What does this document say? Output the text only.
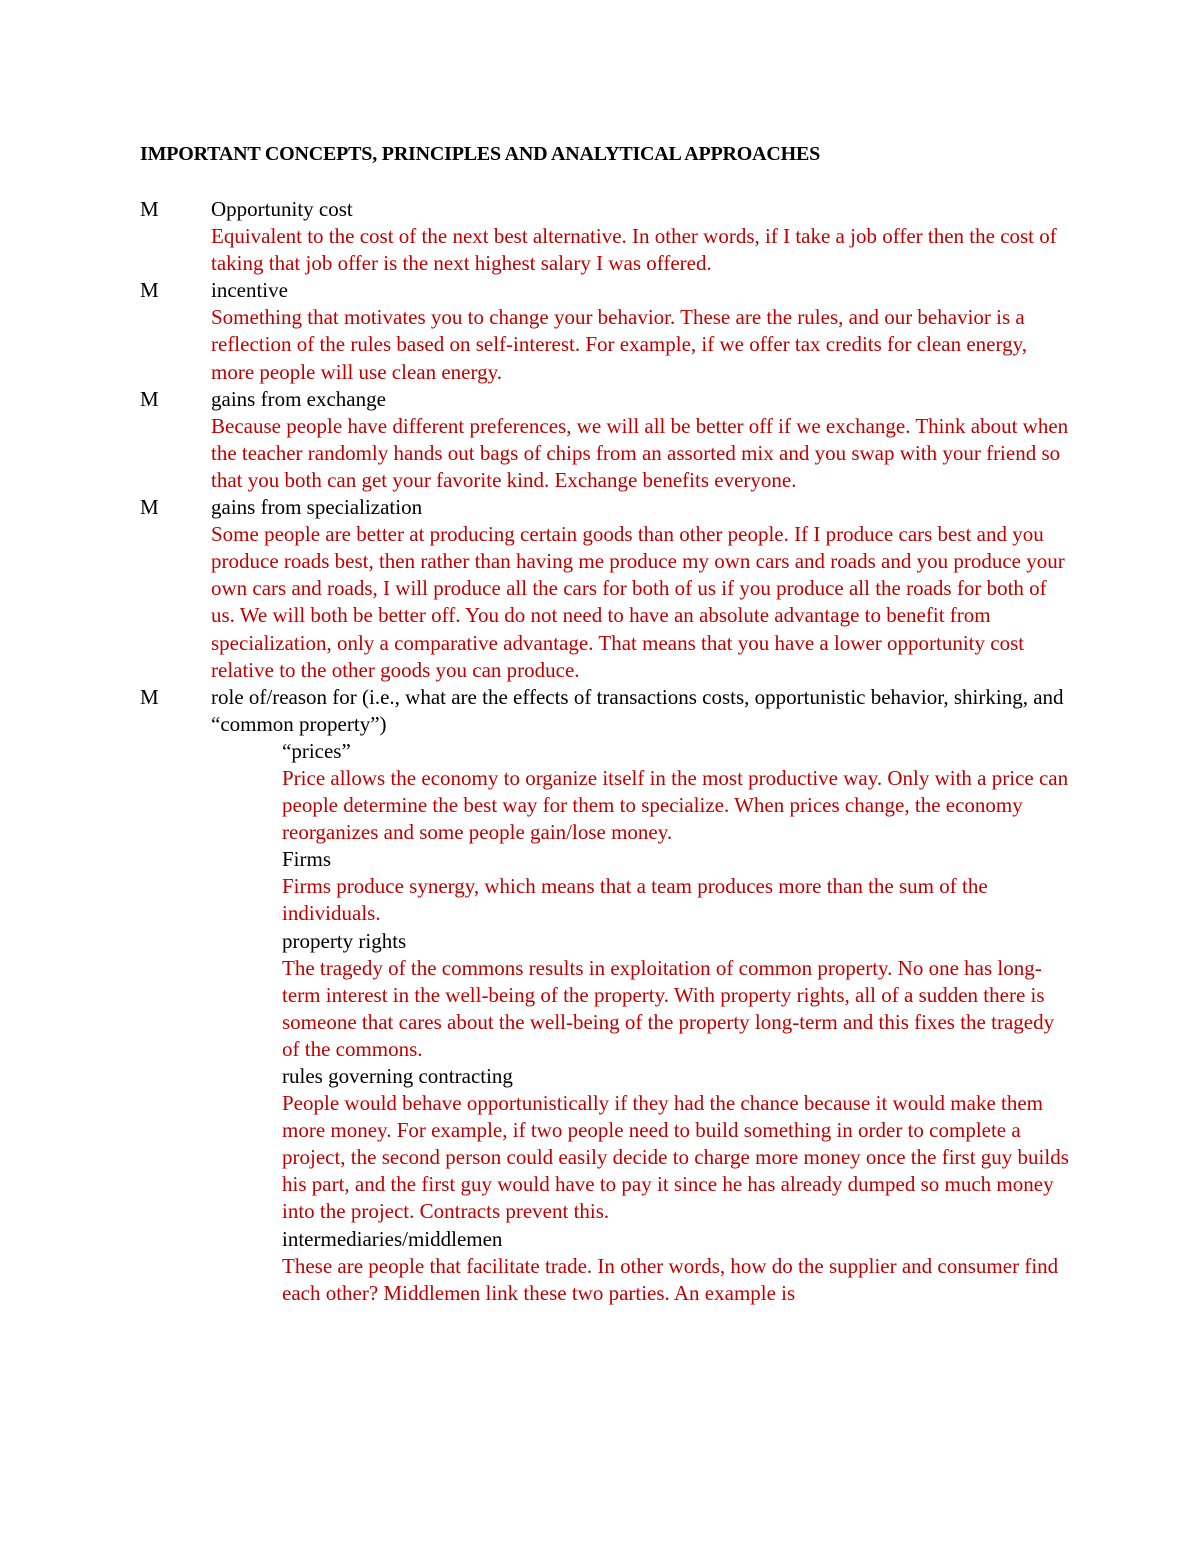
IMPORTANT CONCEPTS, PRINCIPLES AND ANALYTICAL APPROACHES
M Opportunity cost
Equivalent to the cost of the next best alternative. In other words, if I take a job offer then the cost of taking that job offer is the next highest salary I was offered.
M incentive
Something that motivates you to change your behavior. These are the rules, and our behavior is a reflection of the rules based on self-interest. For example, if we offer tax credits for clean energy, more people will use clean energy.
M gains from exchange
Because people have different preferences, we will all be better off if we exchange. Think about when the teacher randomly hands out bags of chips from an assorted mix and you swap with your friend so that you both can get your favorite kind. Exchange benefits everyone.
M gains from specialization
Some people are better at producing certain goods than other people. If I produce cars best and you produce roads best, then rather than having me produce my own cars and roads and you produce your own cars and roads, I will produce all the cars for both of us if you produce all the roads for both of us. We will both be better off. You do not need to have an absolute advantage to benefit from specialization, only a comparative advantage. That means that you have a lower opportunity cost relative to the other goods you can produce.
M role of/reason for (i.e., what are the effects of transactions costs, opportunistic behavior, shirking, and “common property”)
“prices”
Price allows the economy to organize itself in the most productive way. Only with a price can people determine the best way for them to specialize. When prices change, the economy reorganizes and some people gain/lose money.
Firms
Firms produce synergy, which means that a team produces more than the sum of the individuals.
property rights
The tragedy of the commons results in exploitation of common property. No one has long-term interest in the well-being of the property. With property rights, all of a sudden there is someone that cares about the well-being of the property long-term and this fixes the tragedy of the commons.
rules governing contracting
People would behave opportunistically if they had the chance because it would make them more money. For example, if two people need to build something in order to complete a project, the second person could easily decide to charge more money once the first guy builds his part, and the first guy would have to pay it since he has already dumped so much money into the project. Contracts prevent this.
intermediaries/middlemen
These are people that facilitate trade. In other words, how do the supplier and consumer find each other? Middlemen link these two parties. An example is
